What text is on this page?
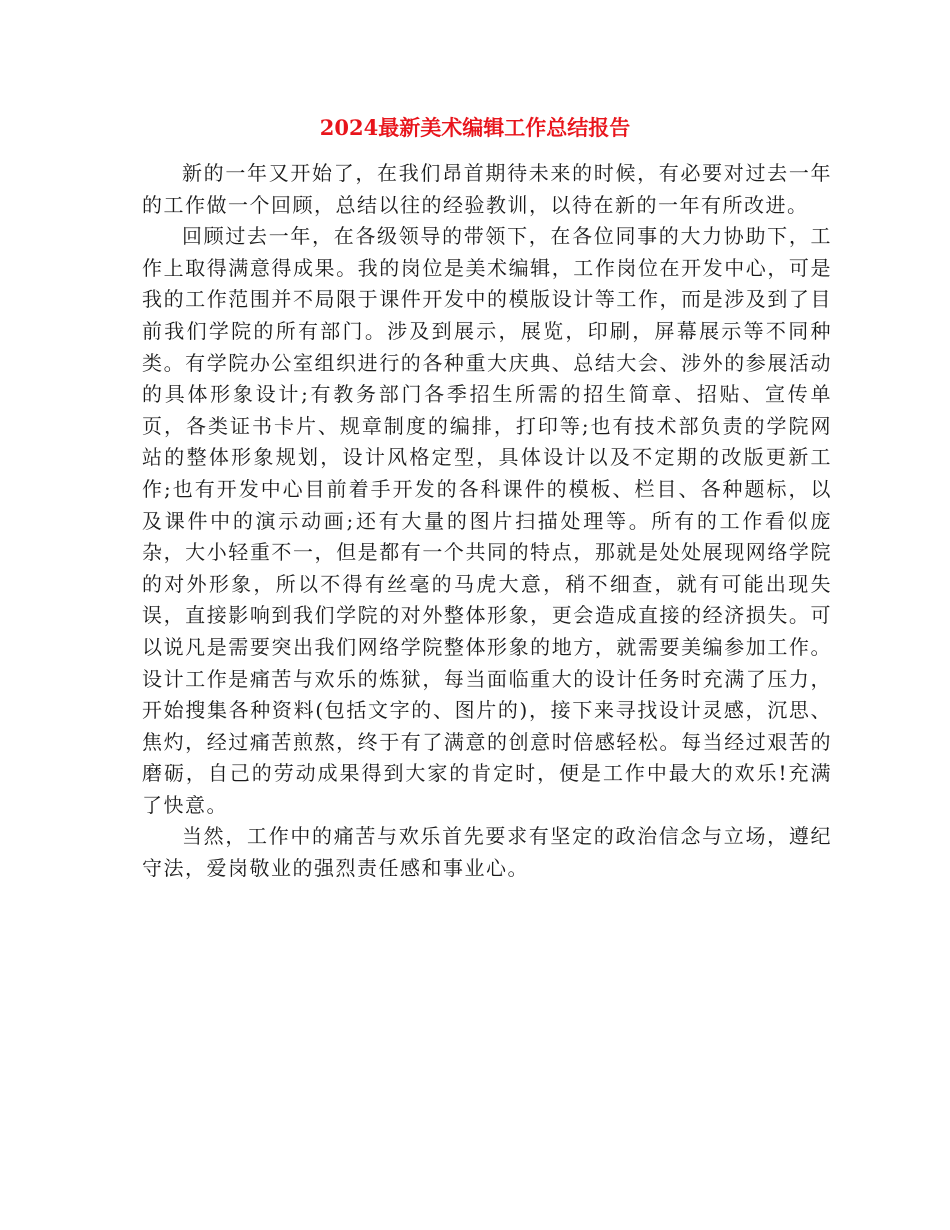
2024最新美术编辑工作总结报告

新的一年又开始了，在我们昂首期待未来的时候，有必要对过去一年的工作做一个回顾，总结以往的经验教训，以待在新的一年有所改进。

回顾过去一年，在各级领导的带领下，在各位同事的大力协助下，工作上取得满意得成果。我的岗位是美术编辑，工作岗位在开发中心，可是我的工作范围并不局限于课件开发中的模版设计等工作，而是涉及到了目前我们学院的所有部门。涉及到展示，展览，印刷，屏幕展示等不同种类。有学院办公室组织进行的各种重大庆典、总结大会、涉外的参展活动的具体形象设计;有教务部门各季招生所需的招生简章、招贴、宣传单页，各类证书卡片、规章制度的编排，打印等;也有技术部负责的学院网站的整体形象规划，设计风格定型，具体设计以及不定期的改版更新工作;也有开发中心目前着手开发的各科课件的模板、栏目、各种题标，以及课件中的演示动画;还有大量的图片扫描处理等。所有的工作看似庞杂，大小轻重不一，但是都有一个共同的特点，那就是处处展现网络学院的对外形象，所以不得有丝毫的马虎大意，稍不细查，就有可能出现失误，直接影响到我们学院的对外整体形象，更会造成直接的经济损失。可以说凡是需要突出我们网络学院整体形象的地方，就需要美编参加工作。 设计工作是痛苦与欢乐的炼狱，每当面临重大的设计任务时充满了压力，开始搜集各种资料(包括文字的、图片的)，接下来寻找设计灵感，沉思、焦灼，经过痛苦煎熬，终于有了满意的创意时倍感轻松。每当经过艰苦的磨砺，自己的劳动成果得到大家的肯定时，便是工作中最大的欢乐!充满了快意。

当然，工作中的痛苦与欢乐首先要求有坚定的政治信念与立场，遵纪守法，爱岗敬业的强烈责任感和事业心。
